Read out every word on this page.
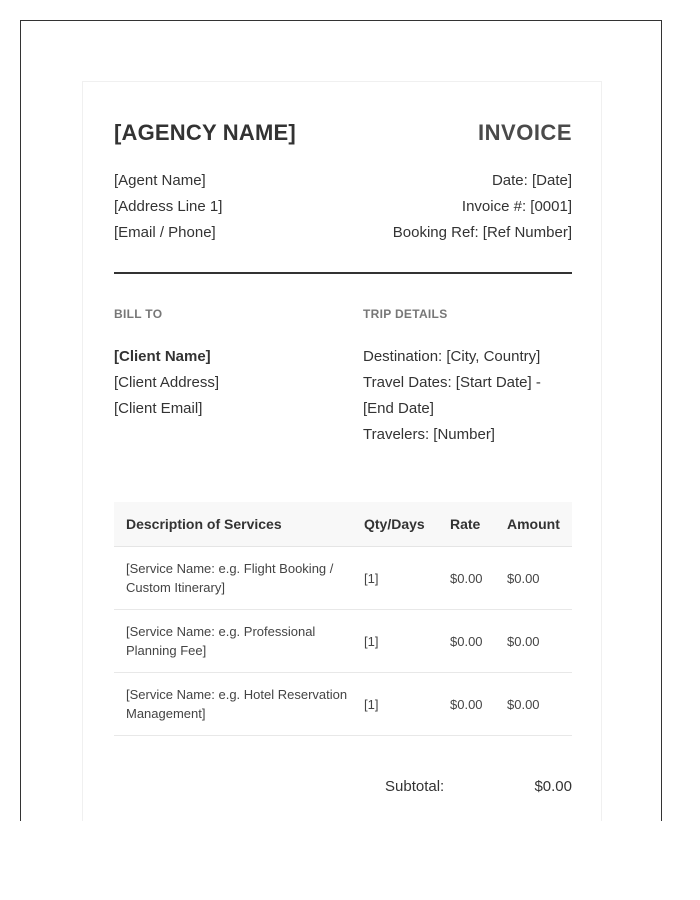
[AGENCY NAME]	INVOICE
[Agent Name]
[Address Line 1]
[Email / Phone]
Date: [Date]
Invoice #: [0001]
Booking Ref: [Ref Number]
BILL TO
[Client Name]
[Client Address]
[Client Email]
TRIP DETAILS
Destination: [City, Country]
Travel Dates: [Start Date] -
[End Date]
Travelers: [Number]
Description of Services	Qty/Days	Rate	Amount
[Service Name: e.g. Flight Booking / Custom Itinerary]	[1]	$0.00	$0.00
[Service Name: e.g. Professional Planning Fee]	[1]	$0.00	$0.00
[Service Name: e.g. Hotel Reservation Management]	[1]	$0.00	$0.00
Subtotal:	$0.00
